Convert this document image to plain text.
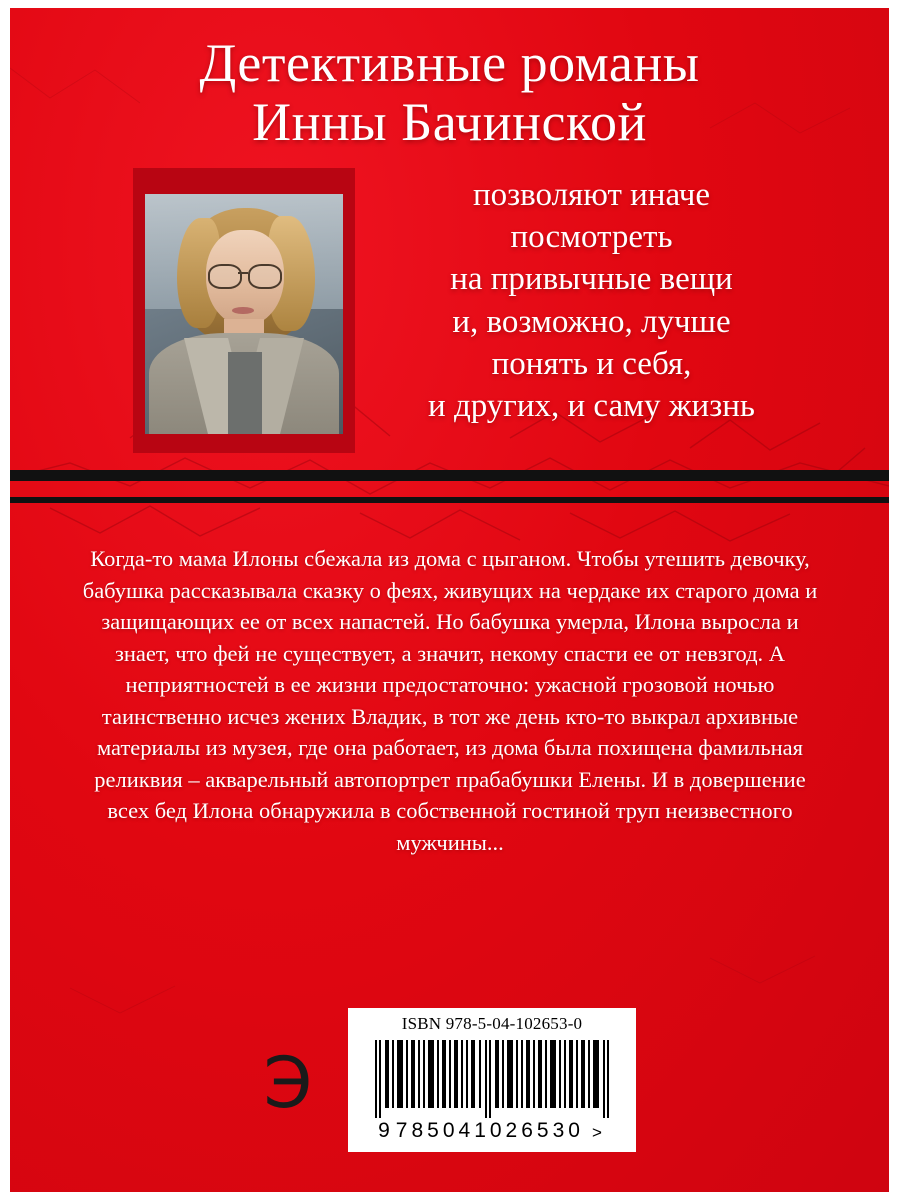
Детективные романы
Инны Бачинской
позволяют иначе
посмотреть
на привычные вещи
и, возможно, лучше
понять и себя,
и других, и саму жизнь

Когда-то мама Илоны сбежала из дома с цыганом. Чтобы утешить девочку, бабушка рассказывала сказку о феях, живущих на чердаке их старого дома и защищающих ее от всех напастей. Но бабушка умерла, Илона выросла и знает, что фей не существует, а значит, некому спасти ее от невзгод. А неприятностей в ее жизни предостаточно: ужасной грозовой ночью таинственно исчез жених Владик, в тот же день кто-то выкрал архивные материалы из музея, где она работает, из дома была похищена фамильная реликвия – акварельный автопортрет прабабушки Елены. И в довершение всех бед Илона обнаружила в собственной гостиной труп неизвестного мужчины...

Э
ISBN 978-5-04-102653-0
9 785041026530 >
